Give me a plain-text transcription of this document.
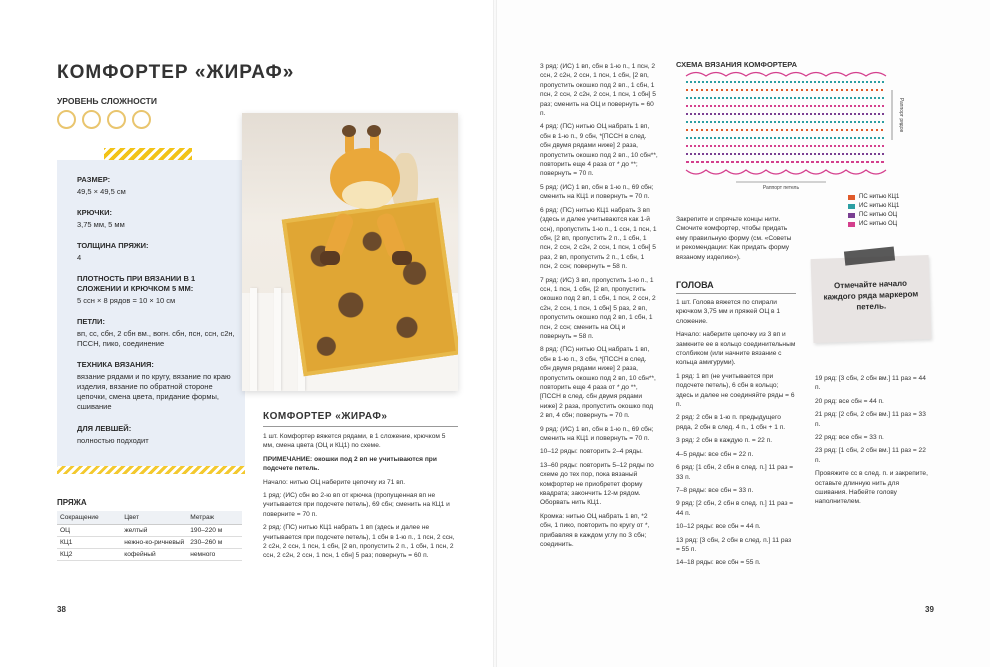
КОМФОРТЕР «ЖИРАФ»
УРОВЕНЬ СЛОЖНОСТИ
РАЗМЕР:
49,5 × 49,5 см
КРЮЧКИ:
3,75 мм, 5 мм
ТОЛЩИНА ПРЯЖИ:
4
ПЛОТНОСТЬ ПРИ ВЯЗАНИИ В 1 СЛОЖЕНИИ И КРЮЧКОМ 5 ММ:
5 ссн × 8 рядов = 10 × 10 см
ПЕТЛИ:
вп, сс, сбн, 2 сбн вм., вогн. сбн, псн, ссн, с2н, ПССН, пико, соединение
ТЕХНИКА ВЯЗАНИЯ:
вязание рядами и по кругу, вязание по краю изделия, вязание по обратной стороне цепочки, смена цвета, придание формы, сшивание
ДЛЯ ЛЕВШЕЙ:
полностью подходит
КОМФОРТЕР «ЖИРАФ»

1 шт. Комфортер вяжется рядами, в 1 сложение, крючком 5 мм, смена цвета (ОЦ и КЦ1) по схеме.

ПРИМЕЧАНИЕ: окошки под 2 вп не учитываются при подсчете петель.

Начало: нитью ОЦ наберите цепочку из 71 вп.

1 ряд: (ИС) сбн во 2-ю вп от крючка (пропущенная вп не учитывается при подсчете петель), 69 сбн; сменить на КЦ1 и поверните = 70 п.

2 ряд: (ПС) нитью КЦ1 набрать 1 вп (здесь и далее не учитывается при подсчете петель), 1 сбн в 1-ю п., 1 псн, 2 ссн, 2 с2н, 2 ссн, 1 псн, 1 сбн, [2 вп, пропустить 2 п., 1 сбн, 1 псн, 2 ссн, 2 с2н, 2 ссн, 1 псн, 1 сбн] 5 раз; повернуть = 60 п.

ПРЯЖА
Сокращение	Цвет	Метраж
ОЦ	желтый	190–220 м
КЦ1	нежно-ко-ричневый	230–260 м
КЦ2	кофейный	немного
38

3 ряд: (ИС) 1 вп, сбн в 1-ю п., 1 псн, 2 ссн, 2 с2н, 2 ссн, 1 псн, 1 сбн, [2 вп, пропустить окошко под 2 вп., 1 сбн, 1 псн, 2 ссн, 2 с2н, 2 ссн, 1 псн, 1 сбн] 5 раз; сменить на ОЦ и повернуть = 60 п.

4 ряд: (ПС) нитью ОЦ набрать 1 вп, сбн в 1-ю п., 9 сбн, *[ПССН в след. сбн двумя рядами ниже] 2 раза, пропустить окошко под 2 вп., 10 сбн**, повторить еще 4 раза от * до **; повернуть = 70 п.

5 ряд: (ИС) 1 вп, сбн в 1-ю п., 69 сбн; сменить на КЦ1 и повернуть = 70 п.

6 ряд: (ПС) нитью КЦ1 набрать 3 вп (здесь и далее учитываются как 1-й ссн), пропустить 1-ю п., 1 ссн, 1 псн, 1 сбн, [2 вп, пропустить 2 п., 1 сбн, 1 псн, 2 ссн, 2 с2н, 2 ссн, 1 псн, 1 сбн] 5 раз, 2 вп, пропустить 2 п., 1 сбн, 1 псн, 2 ссн; повернуть = 58 п.

7 ряд: (ИС) 3 вп, пропустить 1-ю п., 1 ссн, 1 псн, 1 сбн, [2 вп, пропустить окошко под 2 вп, 1 сбн, 1 псн, 2 ссн, 2 с2н, 2 ссн, 1 псн, 1 сбн] 5 раз, 2 вп, пропустить окошко под 2 вп, 1 сбн, 1 псн, 2 ссн; сменить на ОЦ и повернуть = 58 п.

8 ряд: (ПС) нитью ОЦ набрать 1 вп, сбн в 1-ю п., 3 сбн, *[ПССН в след. сбн двумя рядами ниже] 2 раза, пропустить окошко под 2 вп, 10 сбн**, повторить еще 4 раза от * до **, [ПССН в след. сбн двумя рядами ниже] 2 раза, пропустить окошко под 2 вп, 4 сбн; повернуть = 70 п.

9 ряд: (ИС) 1 вп, сбн в 1-ю п., 69 сбн; сменить на КЦ1 и повернуть = 70 п.

10–12 ряды: повторить 2–4 ряды.

13–60 ряды: повторить 5–12 ряды по схеме до тех пор, пока вязаный комфортер не приобретет форму квадрата; закончить 12-м рядом. Оборвать нить КЦ1.

Кромка: нитью ОЦ набрать 1 вп, *2 сбн, 1 пико, повторить по кругу от *, прибавляя в каждом углу по 3 сбн; соединить.

СХЕМА ВЯЗАНИЯ КОМФОРТЕРА
Раппорт петель
Раппорт рядов
ПС нитью КЦ1
ИС нитью КЦ1
ПС нитью ОЦ
ИС нитью ОЦ
Закрепите и спрячьте концы нити. Смочите комфортер, чтобы придать ему правильную форму (см. «Советы и рекомендации: Как придать форму вязаному изделию»).
ГОЛОВА

1 шт. Голова вяжется по спирали крючком 3,75 мм и пряжей ОЦ в 1 сложение.

Начало: наберите цепочку из 3 вп и замкните ее в кольцо соединительным столбиком (или начните вязание с кольца амигуруми).

1 ряд: 1 вп (не учитывается при подсчете петель), 6 сбн в кольцо; здесь и далее не соединяйте ряды = 6 п.

2 ряд: 2 сбн в 1-ю п. предыдущего ряда, 2 сбн в след. 4 п., 1 сбн + 1 п.

3 ряд: 2 сбн в каждую п. = 22 п.

4–5 ряды: все сбн = 22 п.

6 ряд: [1 сбн, 2 сбн в след. п.] 11 раз = 33 п.

7–8 ряды: все сбн = 33 п.

9 ряд: [2 сбн, 2 сбн в след. п.] 11 раз = 44 п.

10–12 ряды: все сбн = 44 п.

13 ряд: [3 сбн, 2 сбн в след. п.] 11 раз = 55 п.

14–18 ряды: все сбн = 55 п.

Отмечайте начало каждого ряда маркером петель.

19 ряд: [3 сбн, 2 сбн вм.] 11 раз = 44 п.

20 ряд: все сбн = 44 п.

21 ряд: [2 сбн, 2 сбн вм.] 11 раз = 33 п.

22 ряд: все сбн = 33 п.

23 ряд: [1 сбн, 2 сбн вм.] 11 раз = 22 п.

Провяжите сс в след. п. и закрепите, оставьте длинную нить для сшивания. Набейте голову наполнителем.

39
